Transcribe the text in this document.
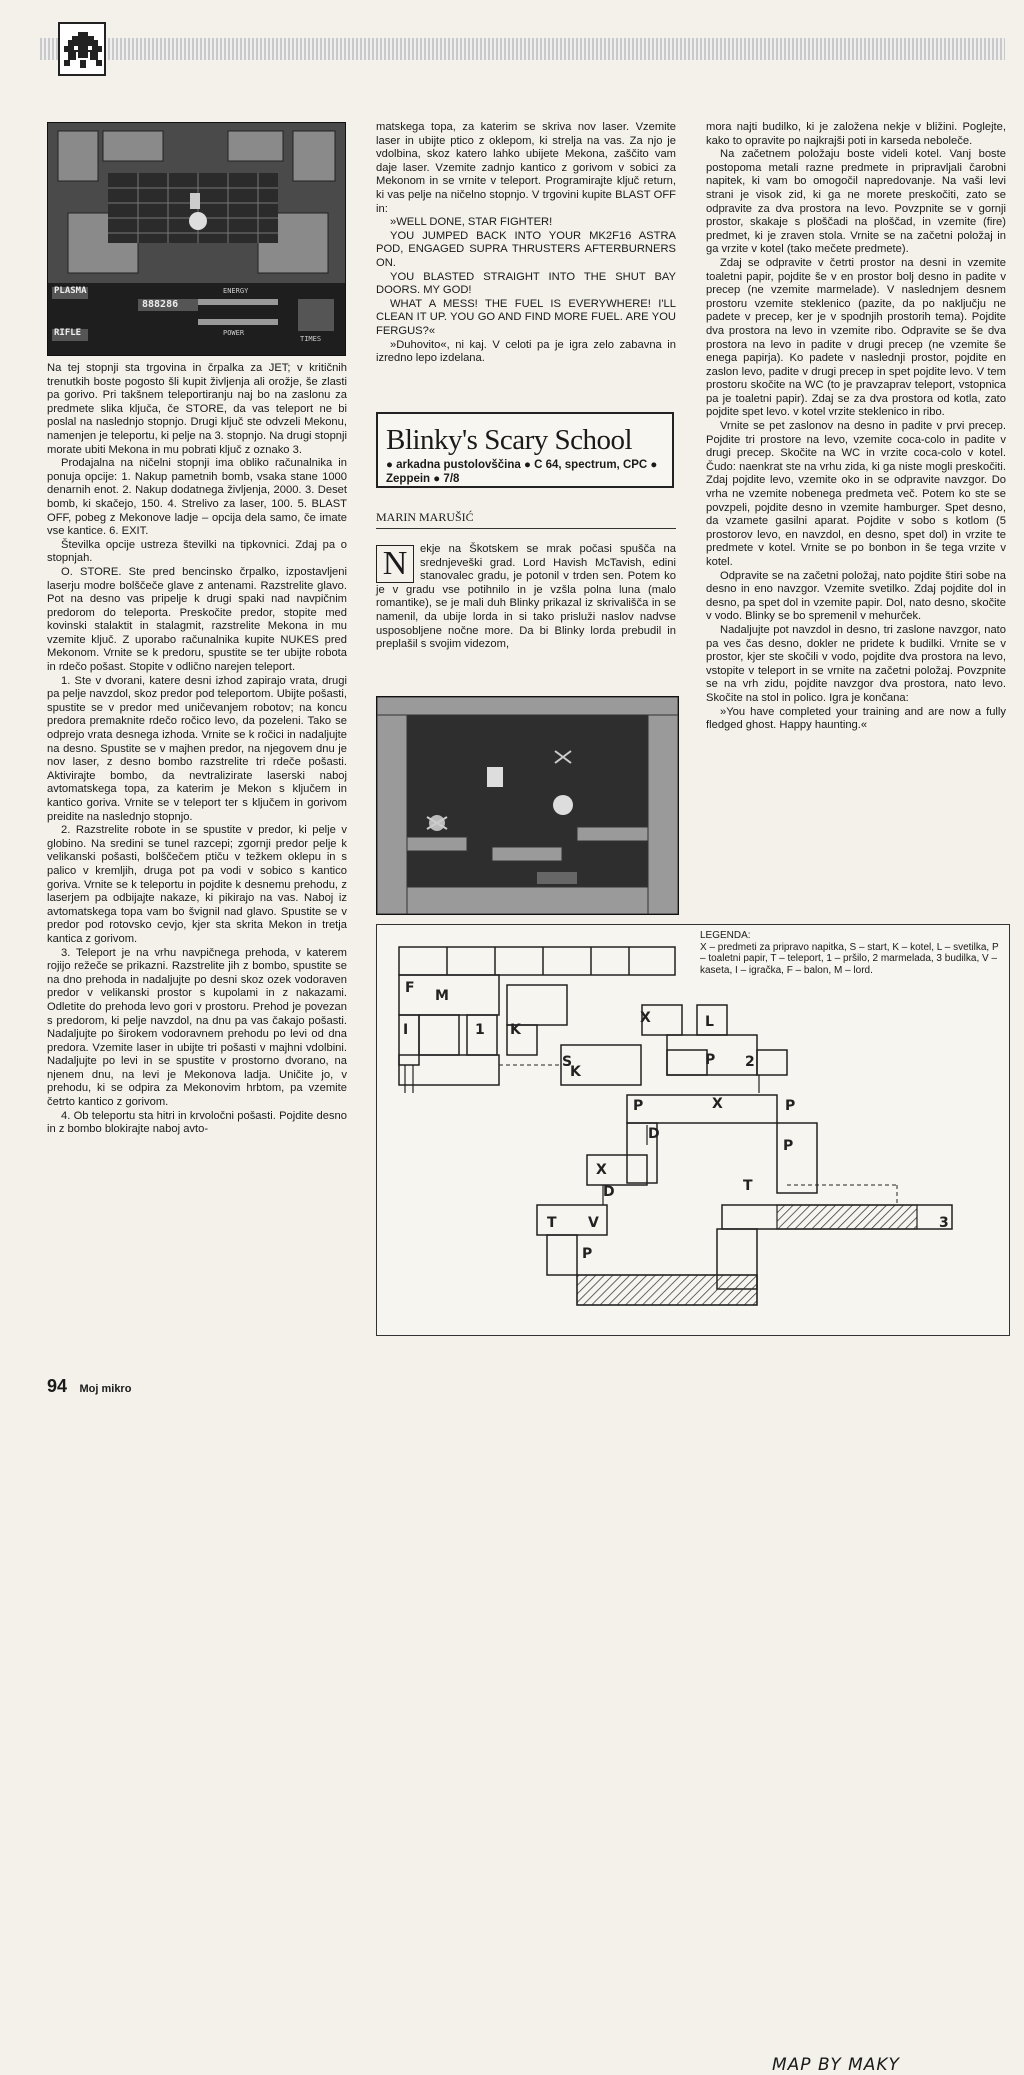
PLASMA
RIFLE
ENERGY
POWER
TIMES
888286

Na tej stopnji sta trgovina in črpalka za JET; v kritičnih trenutkih boste pogosto šli kupit življenja ali orožje, še zlasti pa gorivo. Pri takšnem teleportiranju naj bo na zaslonu za predmete slika ključa, če STORE, da vas teleport ne bi poslal na naslednjo stopnjo. Drugi ključ ste odvzeli Mekonu, namenjen je teleportu, ki pelje na 3. stopnjo. Na drugi stopnji morate ubiti Mekona in mu pobrati ključ z oznako 3.

Prodajalna na ničelni stopnji ima obliko računalnika in ponuja opcije: 1. Nakup pametnih bomb, vsaka stane 1000 denarnih enot. 2. Nakup dodatnega življenja, 2000. 3. Deset bomb, ki skačejo, 150. 4. Strelivo za laser, 100. 5. BLAST OFF, pobeg z Mekonove ladje – opcija dela samo, če imate vse kantice. 6. EXIT.

Številka opcije ustreza številki na tipkovnici. Zdaj pa o stopnjah.

O. STORE. Ste pred bencinsko črpalko, izpostavljeni laserju modre bolščeče glave z antenami. Razstrelite glavo. Pot na desno vas pripelje k drugi spaki nad navpičnim predorom do teleporta. Preskočite predor, stopite med kovinski stalaktit in stalagmit, razstrelite Mekona in mu vzemite ključ. Z uporabo računalnika kupite NUKES pred Mekonom. Vrnite se k predoru, spustite se ter ubijte robota in rdečo pošast. Stopite v odlično narejen teleport.

1. Ste v dvorani, katere desni izhod zapirajo vrata, drugi pa pelje navzdol, skoz predor pod teleportom. Ubijte pošasti, spustite se v predor med uničevanjem robotov; na koncu predora premaknite rdečo ročico levo, da pozeleni. Tako se odprejo vrata desnega izhoda. Vrnite se k ročici in nadaljujte na desno. Spustite se v majhen predor, na njegovem dnu je nov laser, z desno bombo razstrelite tri rdeče pošasti. Aktivirajte bombo, da nevtralizirate laserski naboj avtomatskega topa, za katerim je Mekon s ključem in kantico goriva. Vrnite se v teleport ter s ključem in gorivom preidite na naslednjo stopnjo.

2. Razstrelite robote in se spustite v predor, ki pelje v globino. Na sredini se tunel razcepi; zgornji predor pelje k velikanski pošasti, bolščečem ptiču v težkem oklepu in s palico v kremljih, druga pot pa vodi v sobico s kantico goriva. Vrnite se k teleportu in pojdite k desnemu prehodu, z laserjem pa odbijajte nakaze, ki pikirajo na vas. Naboj iz avtomatskega topa vam bo švignil nad glavo. Spustite se v predor pod rotovsko cevjo, kjer sta skrita Mekon in tretja kantica z gorivom.

3. Teleport je na vrhu navpičnega prehoda, v katerem rojijo režeče se prikazni. Razstrelite jih z bombo, spustite se na dno prehoda in nadaljujte po desni skoz ozek vodoraven predor v velikanski prostor s kupolami in z nakazami. Odletite do prehoda levo gori v prostoru. Prehod je povezan s predorom, ki pelje navzdol, na dnu pa vas čakajo pošasti. Nadaljujte po širokem vodoravnem prehodu po levi od dna predora. Vzemite laser in ubijte tri pošasti v majhni vdolbini. Nadaljujte po levi in se spustite v prostorno dvorano, na njenem dnu, na levi je Mekonova ladja. Uničite jo, v prehodu, ki se odpira za Mekonovim hrbtom, pa vzemite četrto kantico z gorivom.

4. Ob teleportu sta hitri in krvoločni pošasti. Pojdite desno in z bombo blokirajte naboj avto-

matskega topa, za katerim se skriva nov laser. Vzemite laser in ubijte ptico z oklepom, ki strelja na vas. Za njo je vdolbina, skoz katero lahko ubijete Mekona, zaščito vam daje laser. Vzemite zadnjo kantico z gorivom v sobici za Mekonom in se vrnite v teleport. Programirajte ključ return, ki vas pelje na ničelno stopnjo. V trgovini kupite BLAST OFF in:

»WELL DONE, STAR FIGHTER!

YOU JUMPED BACK INTO YOUR MK2F16 ASTRA POD, ENGAGED SUPRA THRUSTERS AFTERBURNERS ON.

YOU BLASTED STRAIGHT INTO THE SHUT BAY DOORS. MY GOD!

WHAT A MESS! THE FUEL IS EVERYWHERE! I'LL CLEAN IT UP. YOU GO AND FIND MORE FUEL. ARE YOU FERGUS?«

»Duhovito«, ni kaj. V celoti pa je igra zelo zabavna in izredno lepo izdelana.

Blinky's Scary School
● arkadna pustolovščina ● C 64, spectrum, CPC ● Zeppein ● 7/8
MARIN MARUŠIĆ
N	ekje na Škotskem se mrak počasi spušča na srednjeveški grad. Lord Havish McTavish, edini stanovalec gradu, je potonil v trden sen. Potem ko je v gradu vse potihnilo in je vzšla polna luna (malo romantike), se je mali duh Blinky prikazal iz skrivališča in se namenil, da ubije lorda in si tako prisluži naslov nadvse usposobljene nočne more. Da bi Blinky lorda prebudil in preplašil s svojim videzom,

mora najti budilko, ki je založena nekje v bližini. Poglejte, kako to opravite po najkrajši poti in karseda neboleče.

Na začetnem položaju boste videli kotel. Vanj boste postopoma metali razne predmete in pripravljali čarobni napitek, ki vam bo omogočil napredovanje. Na vaši levi strani je visok zid, ki ga ne morete preskočiti, zato se odpravite za dva prostora na levo. Povzpnite se v gornji prostor, skakaje s ploščadi na ploščad, in vzemite (fire) predmet, ki je zraven stola. Vrnite se na začetni položaj in ga vrzite v kotel (tako mečete predmete).

Zdaj se odpravite v četrti prostor na desni in vzemite toaletni papir, pojdite še v en prostor bolj desno in padite v precep (ne vzemite marmelade). V naslednjem desnem prostoru vzemite steklenico (pazite, da po naključju ne padete v precep, ker je v spodnjih prostorih tema). Pojdite dva prostora na levo in vzemite ribo. Odpravite se še dva prostora na levo in padite v drugi precep (ne vzemite še enega papirja). Ko padete v naslednji prostor, pojdite en zaslon levo, padite v drugi precep in spet pojdite levo. V tem prostoru skočite na WC (to je pravzaprav teleport, vstopnica pa je toaletni papir). Zdaj se za dva prostora od kotla, zato pojdite spet levo. v kotel vrzite steklenico in ribo.

Vrnite se pet zaslonov na desno in padite v prvi precep. Pojdite tri prostore na levo, vzemite coca-colo in padite v drugi precep. Skočite na WC in vrzite coca-colo v kotel. Čudo: naenkrat ste na vrhu zida, ki ga niste mogli preskočiti. Zdaj pojdite levo, vzemite oko in se odpravite navzgor. Do vrha ne vzemite nobenega predmeta več. Potem ko ste se povzpeli, pojdite desno in vzemite hamburger. Spet desno, da vzamete gasilni aparat. Pojdite v sobo s kotlom (5 prostorov levo, en navzdol, en desno, spet dol) in vrzite te predmete v kotel. Vrnite se po bonbon in še tega vrzite v kotel.

Odpravite se na začetni položaj, nato pojdite štiri sobe na desno in eno navzgor. Vzemite svetilko. Zdaj pojdite dol in desno, pa spet dol in vzemite papir. Dol, nato desno, skočite v vodo. Blinky se bo spremenil v mehurček.

Nadaljujte pot navzdol in desno, tri zaslone navzgor, nato pa ves čas desno, dokler ne pridete k budilki. Vrnite se v prostor, kjer ste skočili v vodo, pojdite dva prostora na levo, vstopite v teleport in se vrnite na začetni položaj. Povzpnite se na vrh zidu, pojdite navzgor dva prostora, nato levo. Skočite na stol in polico. Igra je končana:

»You have completed your training and are now a fully fledged ghost. Happy haunting.«

MAP BY MAKY
LEGENDA:
X – predmeti za pripravo napitka, S – start, K – kotel, L – svetilka, P – toaletni papir, T – teleport, 1 – pršilo, 2 marmelada, 3 budilka, V – kaseta, I – igračka, F – balon, M – lord.
F M
I	1 K
X	L
S
K
P 2
P	X	P
D
P
X
D
T V
T
3
P
94 Moj mikro
